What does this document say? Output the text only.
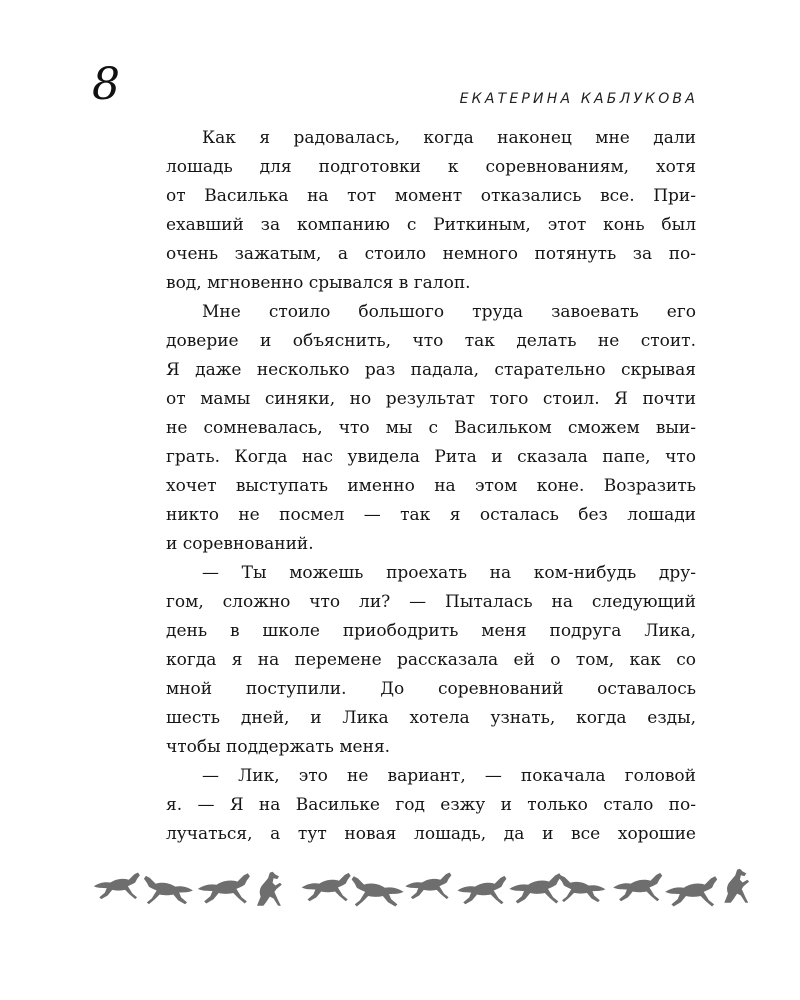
8	ЕКАТЕРИНА КАБЛУКОВА
Как я радовалась, когда наконец мне дали
лошадь для подготовки к соревнованиям, хотя
от Василька на тот момент отказались все. При-
ехавший за компанию с Риткиным, этот конь был
очень зажатым, а стоило немного потянуть за по-
вод, мгновенно срывался в галоп.
Мне стоило большого труда завоевать его
доверие и объяснить, что так делать не стоит.
Я даже несколько раз падала, старательно скрывая
от мамы синяки, но результат того стоил. Я почти
не сомневалась, что мы с Васильком сможем выи-
грать. Когда нас увидела Рита и сказала папе, что
хочет выступать именно на этом коне. Возразить
никто не посмел — так я осталась без лошади
и соревнований.
— Ты можешь проехать на ком-нибудь дру-
гом, сложно что ли? — Пыталась на следующий
день в школе приободрить меня подруга Лика,
когда я на перемене рассказала ей о том, как со
мной поступили. До соревнований оставалось
шесть дней, и Лика хотела узнать, когда езды,
чтобы поддержать меня.
— Лик, это не вариант, — покачала головой
я. — Я на Васильке год езжу и только стало по-
лучаться, а тут новая лошадь, да и все хорошие
